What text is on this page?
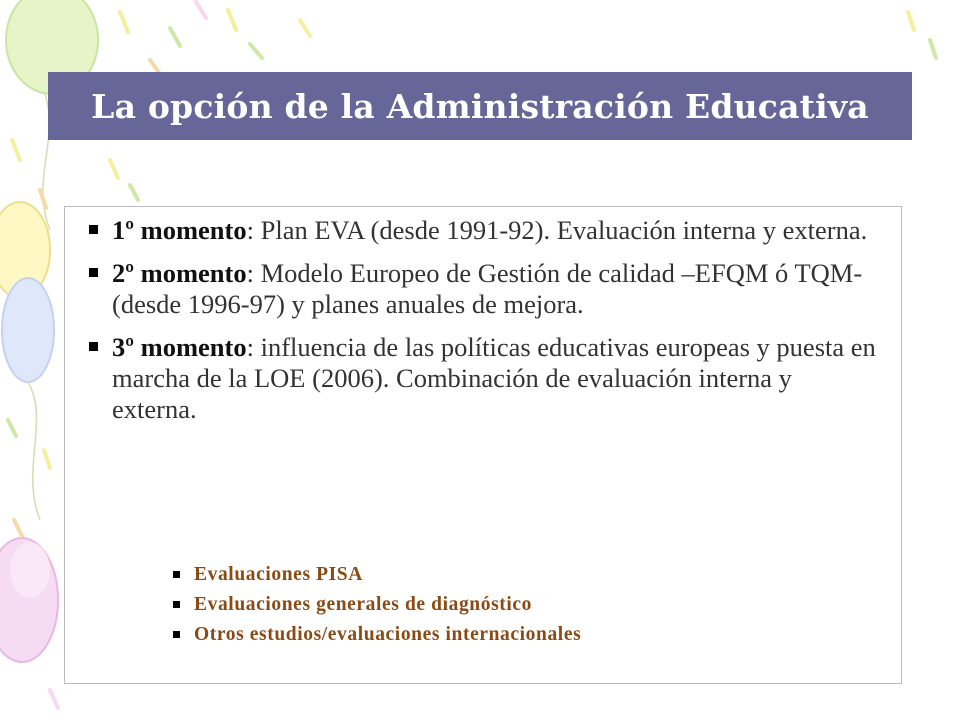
La opción de la Administración Educativa
1º momento: Plan EVA (desde 1991-92). Evaluación interna y externa.
2º momento: Modelo Europeo de Gestión de calidad –EFQM ó TQM- (desde 1996-97) y planes anuales de mejora.
3º momento: influencia de las políticas educativas europeas y puesta en marcha de la LOE (2006). Combinación de evaluación interna y externa.
Evaluaciones PISA
Evaluaciones generales de diagnóstico
Otros estudios/evaluaciones internacionales
